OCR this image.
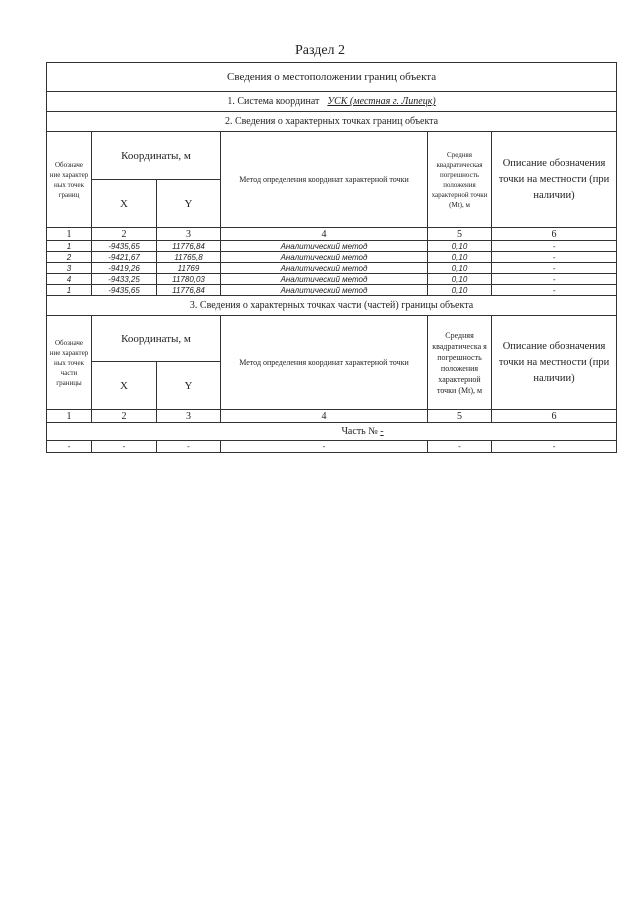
Раздел 2
Сведения о местоположении границ объекта					
1. Система координат УСК (местная г. Липецк)					
2. Сведения о характерных точках границ объекта					
Обозначе ние характер ных точек границ	Координаты, м		Метод определения координат характерной точки	Средняя квадратическая погрешность положения характерной точки (Mt), м	Описание обозначения точки на местности (при наличии)
	X	Y			
1	2	3	4	5	6
1	-9435,65	11776,84	Аналитический метод	0,10	-
2	-9421,67	11765,8	Аналитический метод	0,10	-
3	-9419,26	11769	Аналитический метод	0,10	-
4	-9433,25	11780,03	Аналитический метод	0,10	-
1	-9435,65	11776,84	Аналитический метод	0,10	-
3. Сведения о характерных точках части (частей) границы объекта					
Обозначе ние характер ных точек части границы	Координаты, м		Метод определения координат характерной точки	Средняя квадратическа я погрешность положения характерной точки (Mt), м	Описание обозначения точки на местности (при наличии)
	X	Y			
1	2	3	4	5	6
Часть № -					
-	-	-	-	-	-
